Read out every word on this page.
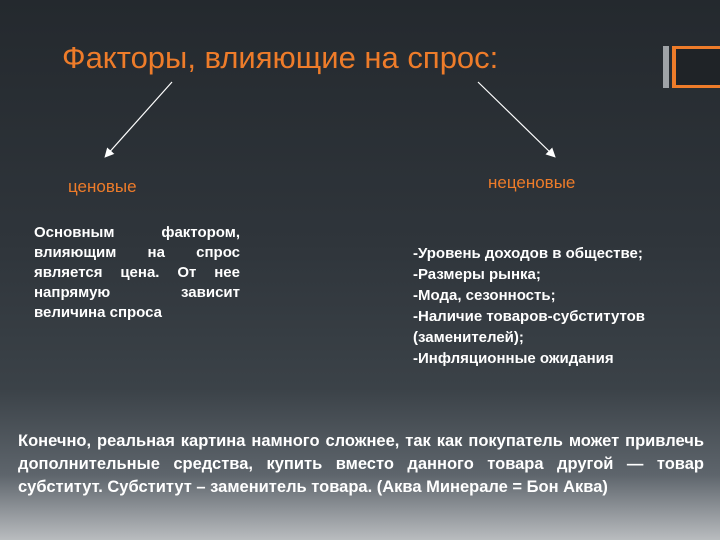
Факторы, влияющие на спрос:
ценовые	неценовые

Основным фактором, влияющим на спрос является цена. От нее напрямую зависит величина спроса

-Уровень доходов в обществе;
-Размеры рынка;
-Мода, сезонность;
-Наличие товаров-субститутов (заменителей);
-Инфляционные ожидания

Конечно, реальная картина намного сложнее, так как покупатель может привлечь дополнительные средства, купить вместо данного товара другой — товар субститут. Субститут – заменитель товара. (Аква Минерале = Бон Аква)
